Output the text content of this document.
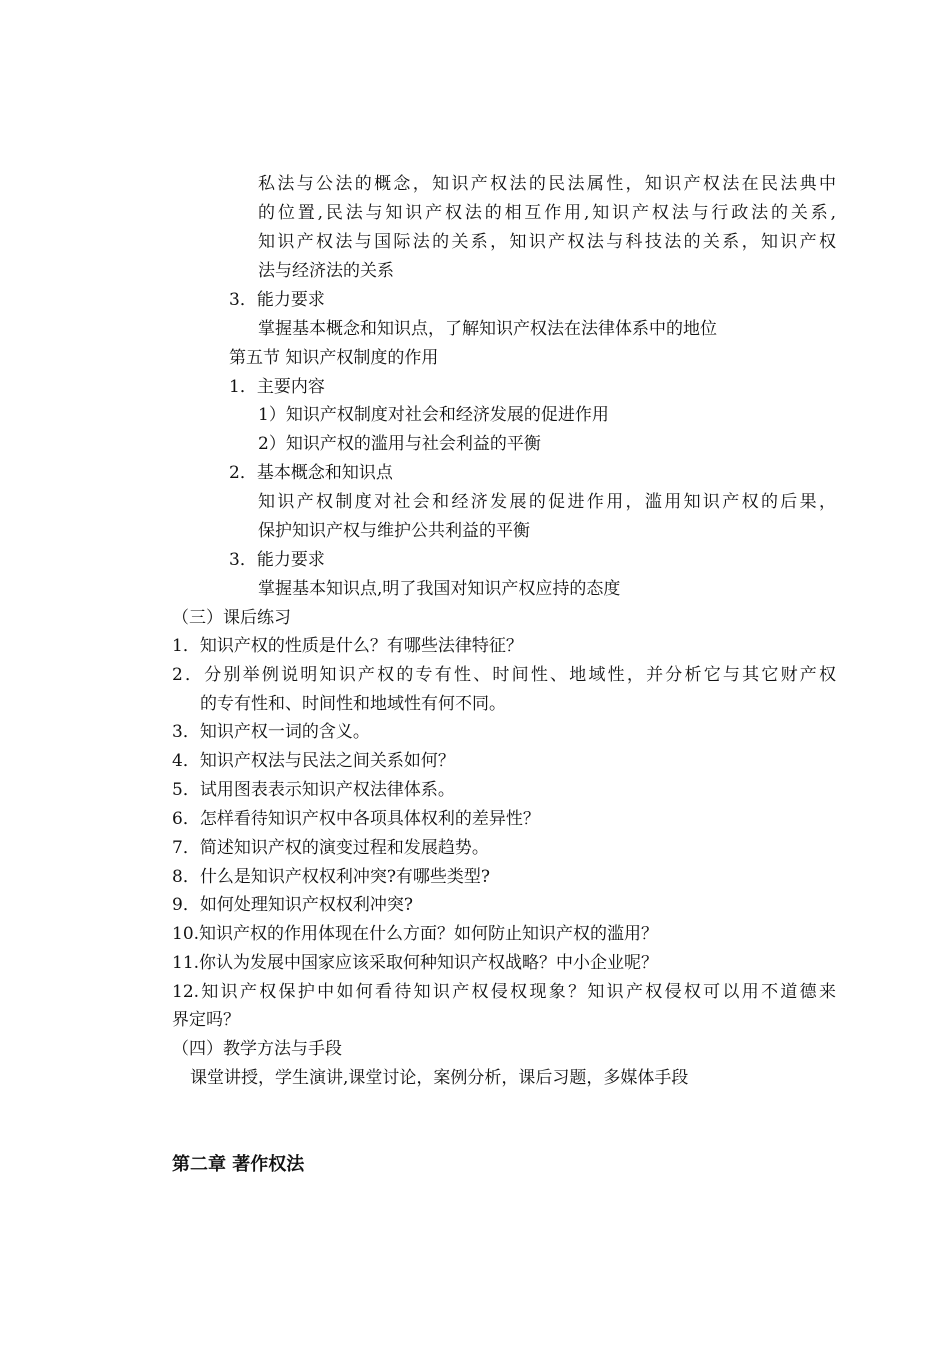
私法与公法的概念，知识产权法的民法属性，知识产权法在民法典中
的位置,民法与知识产权法的相互作用,知识产权法与行政法的关系,
知识产权法与国际法的关系，知识产权法与科技法的关系，知识产权
法与经济法的关系
3．能力要求
掌握基本概念和知识点，了解知识产权法在法律体系中的地位
第五节 知识产权制度的作用
1．主要内容
1）知识产权制度对社会和经济发展的促进作用
2）知识产权的滥用与社会利益的平衡
2．基本概念和知识点
知识产权制度对社会和经济发展的促进作用，滥用知识产权的后果，
保护知识产权与维护公共利益的平衡
3．能力要求
掌握基本知识点,明了我国对知识产权应持的态度
（三）课后练习
1．知识产权的性质是什么？有哪些法律特征？
2．分别举例说明知识产权的专有性、时间性、地域性，并分析它与其它财产权
的专有性和、时间性和地域性有何不同。
3．知识产权一词的含义。
4．知识产权法与民法之间关系如何？
5．试用图表表示知识产权法律体系。
6．怎样看待知识产权中各项具体权利的差异性？
7．简述知识产权的演变过程和发展趋势。
8．什么是知识产权权利冲突?有哪些类型?
9．如何处理知识产权权利冲突?
10.知识产权的作用体现在什么方面？如何防止知识产权的滥用？
11.你认为发展中国家应该采取何种知识产权战略？中小企业呢？
12.知识产权保护中如何看待知识产权侵权现象？知识产权侵权可以用不道德来
界定吗？
（四）教学方法与手段
课堂讲授，学生演讲,课堂讨论，案例分析，课后习题，多媒体手段
第二章 著作权法
